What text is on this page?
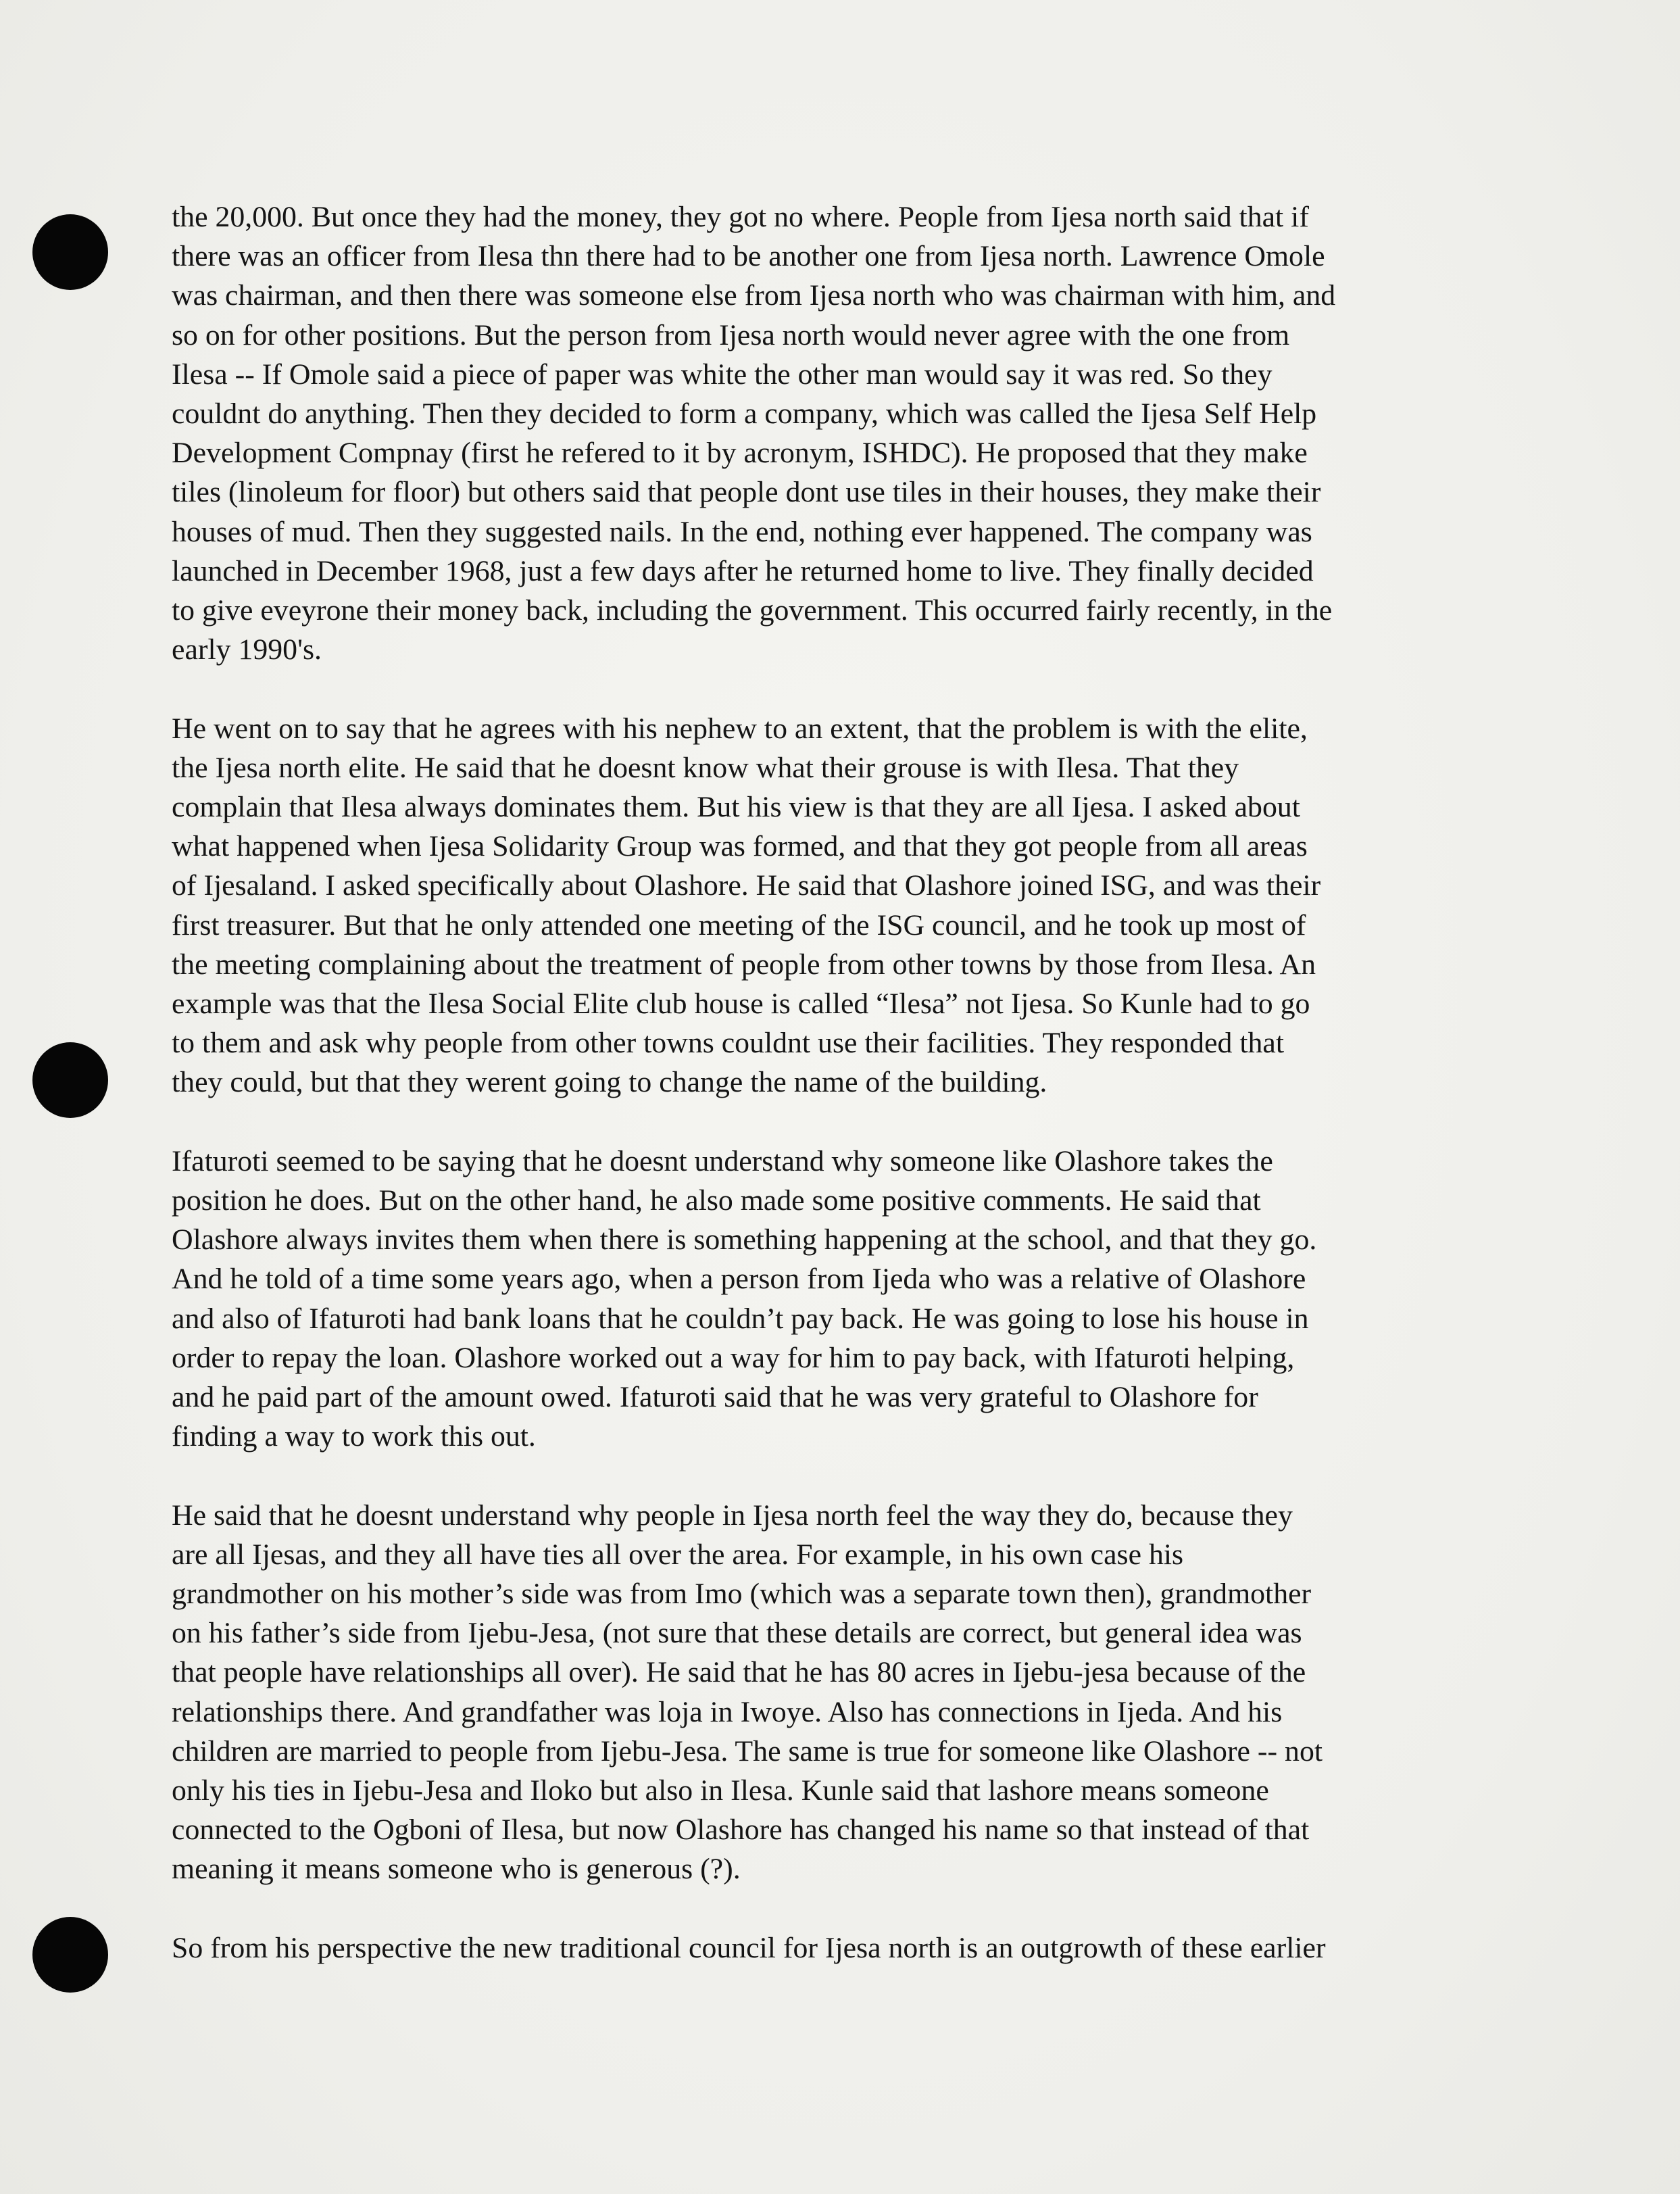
the 20,000. But once they had the money, they got no where. People from Ijesa north said that if
there was an officer from Ilesa thn there had to be another one from Ijesa north. Lawrence Omole
was chairman, and then there was someone else from Ijesa north who was chairman with him, and
so on for other positions. But the person from Ijesa north would never agree with the one from
Ilesa -- If Omole said a piece of paper was white the other man would say it was red. So they
couldnt do anything. Then they decided to form a company, which was called the Ijesa Self Help
Development Compnay (first he refered to it by acronym, ISHDC). He proposed that they make
tiles (linoleum for floor) but others said that people dont use tiles in their houses, they make their
houses of mud. Then they suggested nails. In the end, nothing ever happened. The company was
launched in December 1968, just a few days after he returned home to live. They finally decided
to give eveyrone their money back, including the government. This occurred fairly recently, in the
early 1990's.
He went on to say that he agrees with his nephew to an extent, that the problem is with the elite,
the Ijesa north elite. He said that he doesnt know what their grouse is with Ilesa. That they
complain that Ilesa always dominates them. But his view is that they are all Ijesa. I asked about
what happened when Ijesa Solidarity Group was formed, and that they got people from all areas
of Ijesaland. I asked specifically about Olashore. He said that Olashore joined ISG, and was their
first treasurer. But that he only attended one meeting of the ISG council, and he took up most of
the meeting complaining about the treatment of people from other towns by those from Ilesa. An
example was that the Ilesa Social Elite club house is called “Ilesa” not Ijesa. So Kunle had to go
to them and ask why people from other towns couldnt use their facilities. They responded that
they could, but that they werent going to change the name of the building.
Ifaturoti seemed to be saying that he doesnt understand why someone like Olashore takes the
position he does. But on the other hand, he also made some positive comments. He said that
Olashore always invites them when there is something happening at the school, and that they go.
And he told of a time some years ago, when a person from Ijeda who was a relative of Olashore
and also of Ifaturoti had bank loans that he couldn’t pay back. He was going to lose his house in
order to repay the loan. Olashore worked out a way for him to pay back, with Ifaturoti helping,
and he paid part of the amount owed. Ifaturoti said that he was very grateful to Olashore for
finding a way to work this out.
He said that he doesnt understand why people in Ijesa north feel the way they do, because they
are all Ijesas, and they all have ties all over the area. For example, in his own case his
grandmother on his mother’s side was from Imo (which was a separate town then), grandmother
on his father’s side from Ijebu-Jesa, (not sure that these details are correct, but general idea was
that people have relationships all over). He said that he has 80 acres in Ijebu-jesa because of the
relationships there. And grandfather was loja in Iwoye. Also has connections in Ijeda. And his
children are married to people from Ijebu-Jesa. The same is true for someone like Olashore -- not
only his ties in Ijebu-Jesa and Iloko but also in Ilesa. Kunle said that lashore means someone
connected to the Ogboni of Ilesa, but now Olashore has changed his name so that instead of that
meaning it means someone who is generous (?).
So from his perspective the new traditional council for Ijesa north is an outgrowth of these earlier
